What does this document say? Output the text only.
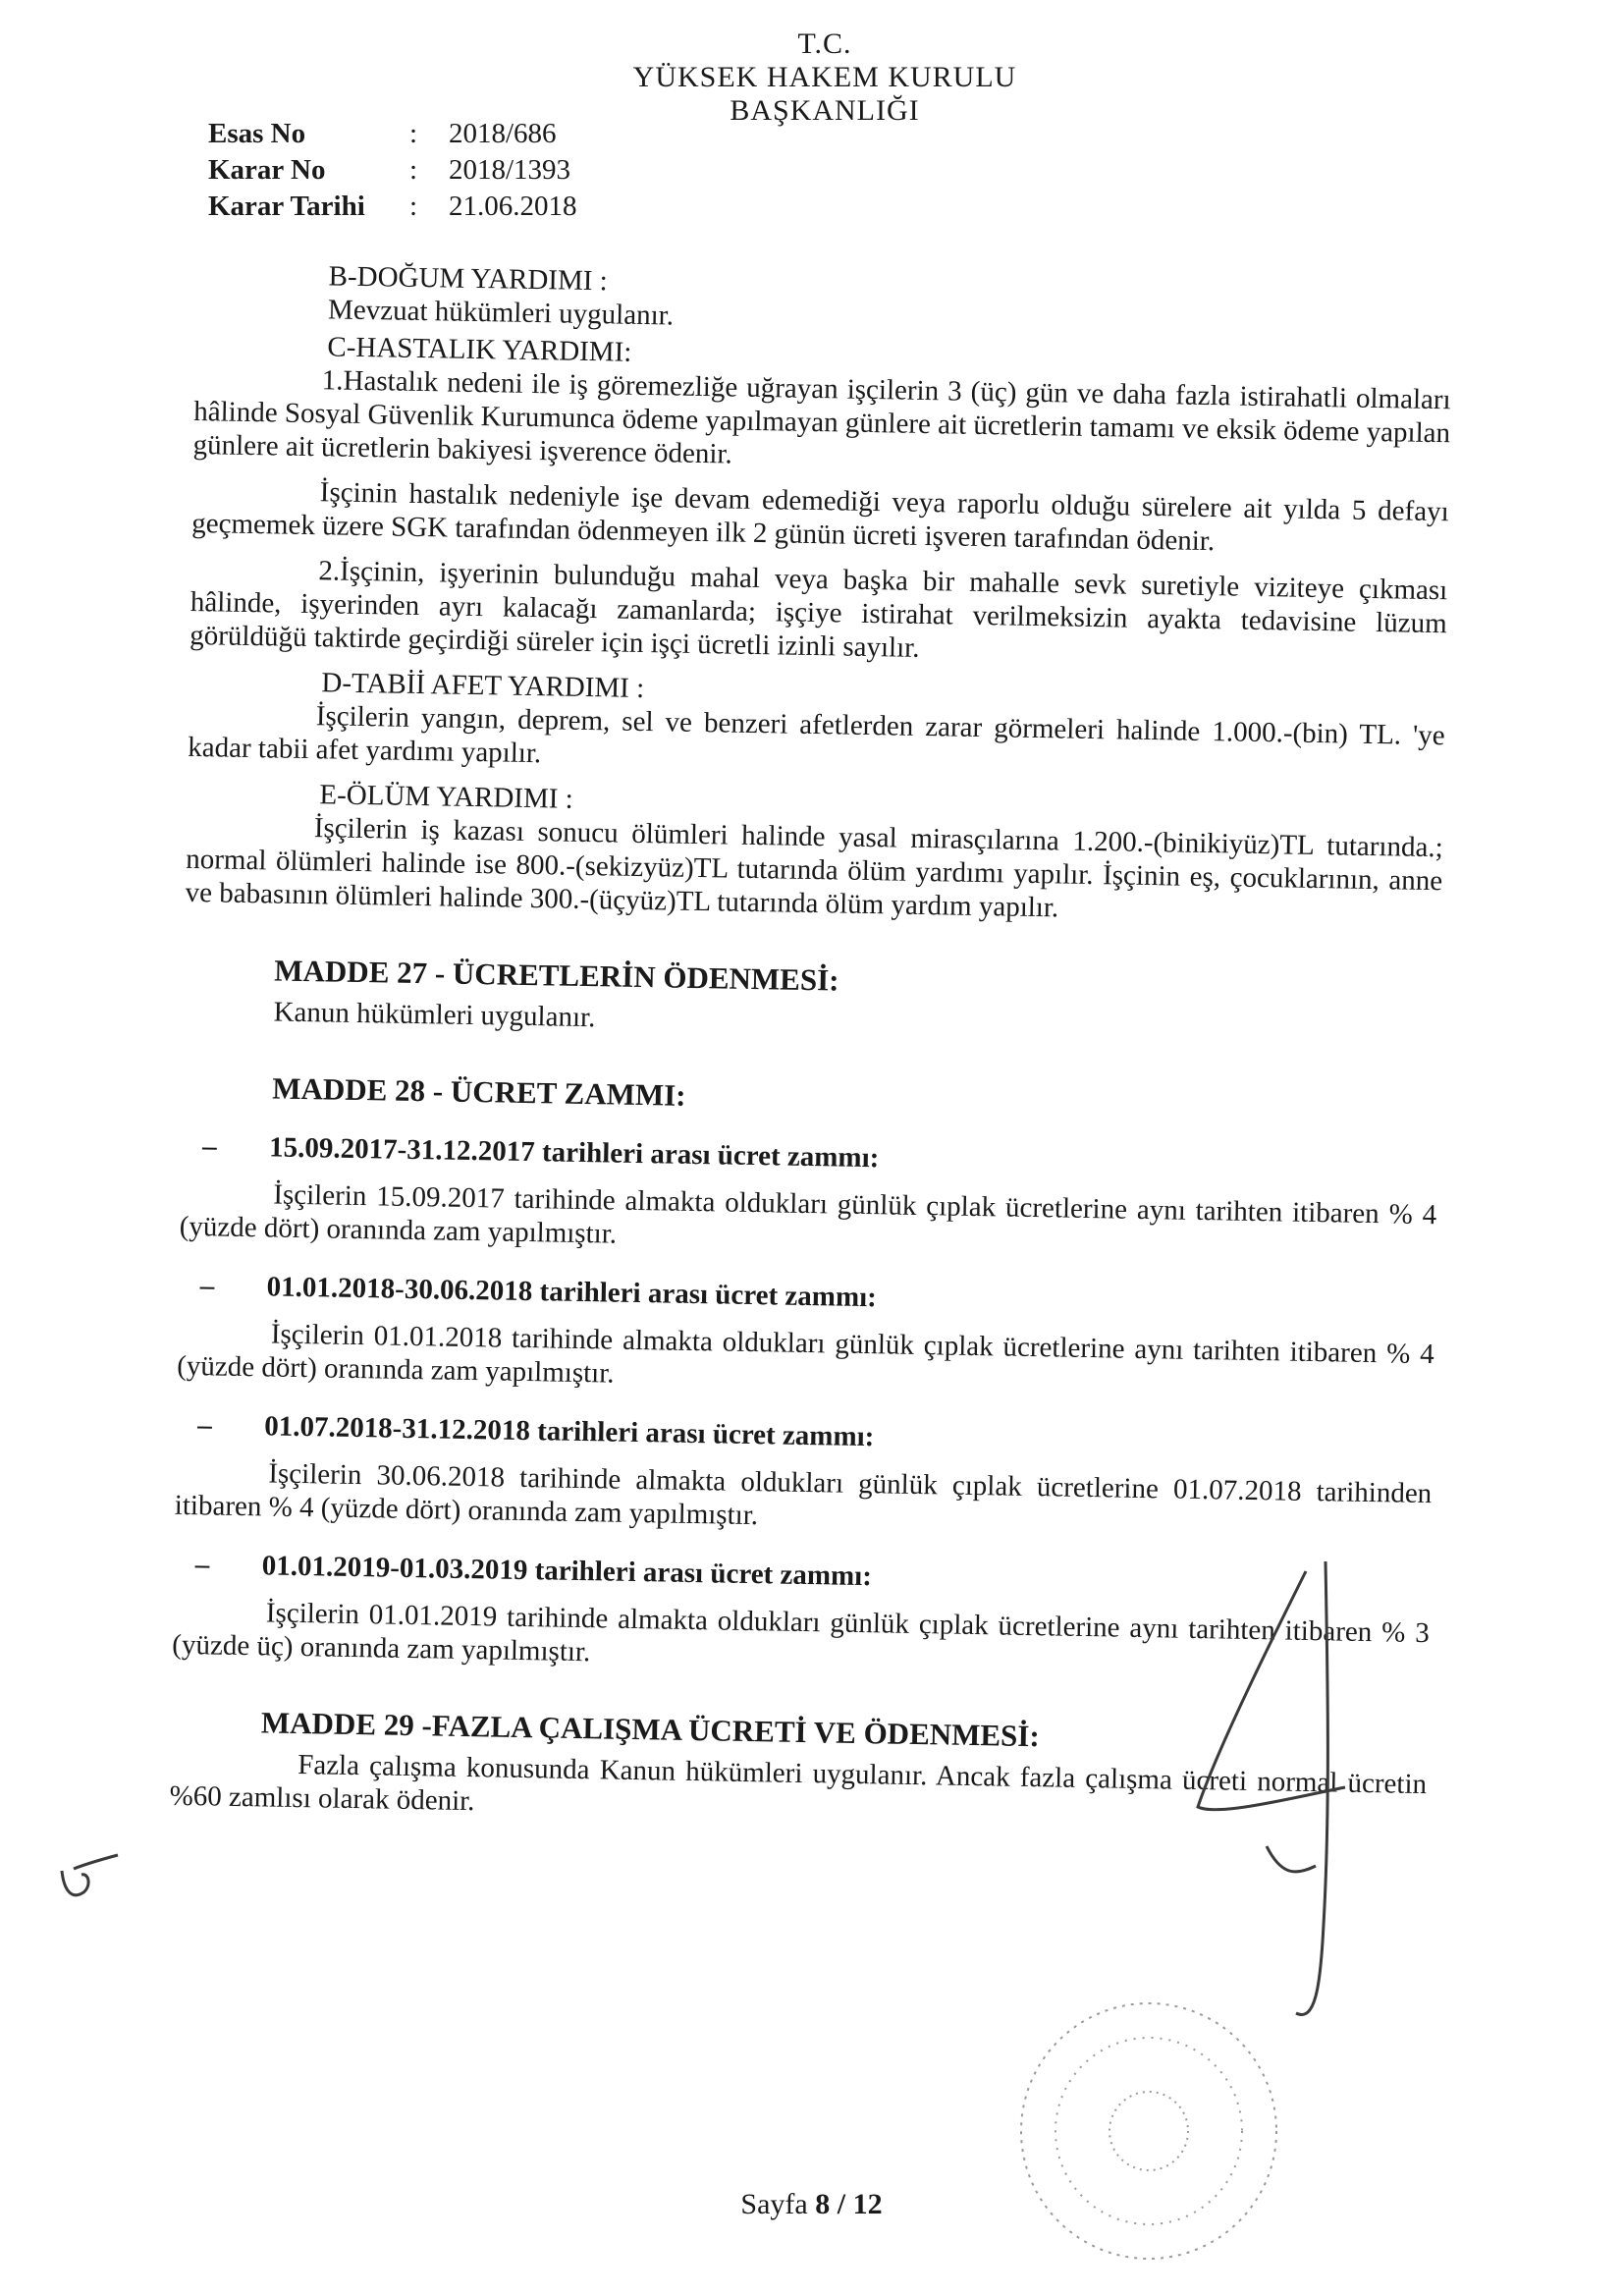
T.C.
YÜKSEK HAKEM KURULU
BAŞKANLIĞI
Esas No	:	2018/686
Karar No	:	2018/1393
Karar Tarihi	:	21.06.2018

B-DOĞUM YARDIMI :

Mevzuat hükümleri uygulanır.

C-HASTALIK YARDIMI:

1.Hastalık nedeni ile iş göremezliğe uğrayan işçilerin 3 (üç) gün ve daha fazla istirahatli olmaları hâlinde Sosyal Güvenlik Kurumunca ödeme yapılmayan günlere ait ücretlerin tamamı ve eksik ödeme yapılan günlere ait ücretlerin bakiyesi işverence ödenir.

İşçinin hastalık nedeniyle işe devam edemediği veya raporlu olduğu sürelere ait yılda 5 defayı geçmemek üzere SGK tarafından ödenmeyen ilk 2 günün ücreti işveren tarafından ödenir.

2.İşçinin, işyerinin bulunduğu mahal veya başka bir mahalle sevk suretiyle viziteye çıkması hâlinde, işyerinden ayrı kalacağı zamanlarda; işçiye istirahat verilmeksizin ayakta tedavisine lüzum görüldüğü taktirde geçirdiği süreler için işçi ücretli izinli sayılır.

D-TABİİ AFET YARDIMI :

İşçilerin yangın, deprem, sel ve benzeri afetlerden zarar görmeleri halinde 1.000.-(bin) TL. 'ye kadar tabii afet yardımı yapılır.

E-ÖLÜM YARDIMI :

İşçilerin iş kazası sonucu ölümleri halinde yasal mirasçılarına 1.200.-(binikiyüz)TL tutarında.; normal ölümleri halinde ise 800.-(sekizyüz)TL tutarında ölüm yardımı yapılır. İşçinin eş, çocuklarının, anne ve babasının ölümleri halinde 300.-(üçyüz)TL tutarında ölüm yardım yapılır.

MADDE 27 - ÜCRETLERİN ÖDENMESİ:

Kanun hükümleri uygulanır.

MADDE 28 - ÜCRET ZAMMI:
–	15.09.2017-31.12.2017 tarihleri arası ücret zammı:

İşçilerin 15.09.2017 tarihinde almakta oldukları günlük çıplak ücretlerine aynı tarihten itibaren % 4 (yüzde dört) oranında zam yapılmıştır.

–	01.01.2018-30.06.2018 tarihleri arası ücret zammı:

İşçilerin 01.01.2018 tarihinde almakta oldukları günlük çıplak ücretlerine aynı tarihten itibaren % 4 (yüzde dört) oranında zam yapılmıştır.

–	01.07.2018-31.12.2018 tarihleri arası ücret zammı:

İşçilerin 30.06.2018 tarihinde almakta oldukları günlük çıplak ücretlerine 01.07.2018 tarihinden itibaren % 4 (yüzde dört) oranında zam yapılmıştır.

–	01.01.2019-01.03.2019 tarihleri arası ücret zammı:

İşçilerin 01.01.2019 tarihinde almakta oldukları günlük çıplak ücretlerine aynı tarihten itibaren % 3 (yüzde üç) oranında zam yapılmıştır.

MADDE 29 -FAZLA ÇALIŞMA ÜCRETİ VE ÖDENMESİ:

Fazla çalışma konusunda Kanun hükümleri uygulanır. Ancak fazla çalışma ücreti normal ücretin %60 zamlısı olarak ödenir.

Sayfa 8 / 12
